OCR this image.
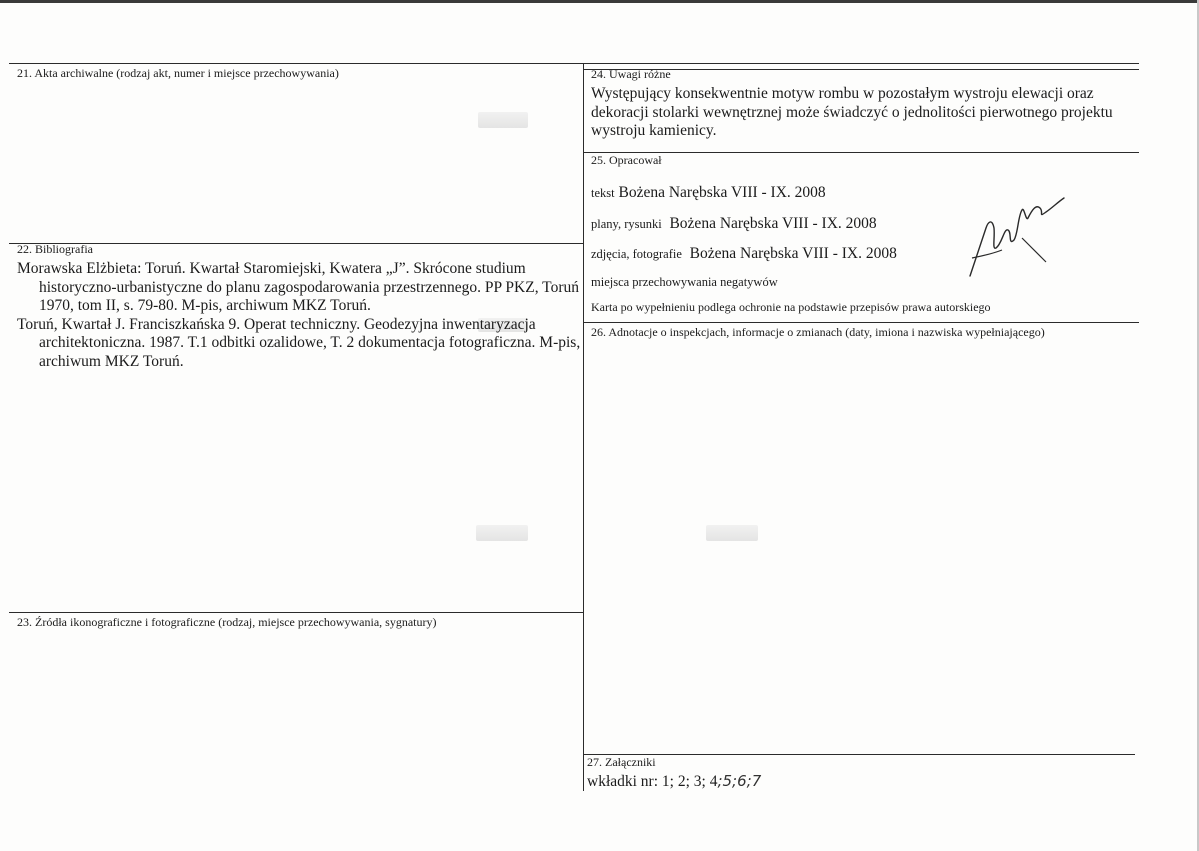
21. Akta archiwalne (rodzaj akt, numer i miejsce przechowywania)
22. Bibliografia

Morawska Elżbieta: Toruń. Kwartał Staromiejski, Kwatera „J”. Skrócone studium historyczno-urbanistyczne do planu zagospodarowania przestrzennego. PP PKZ, Toruń 1970, tom II, s. 79-80. M-pis, archiwum MKZ Toruń.

Toruń, Kwartał J. Franciszkańska 9. Operat techniczny. Geodezyjna inwentaryzacja architektoniczna. 1987. T.1 odbitki ozalidowe, T. 2 dokumentacja fotograficzna. M-pis, archiwum MKZ Toruń.

23. Źródła ikonograficzne i fotograficzne (rodzaj, miejsce przechowywania, sygnatury)
24. Uwagi różne
Występujący konsekwentnie motyw rombu w pozostałym wystroju elewacji oraz dekoracji stolarki wewnętrznej może świadczyć o jednolitości pierwotnego projektu wystroju kamienicy.
25. Opracował
tekst Bożena Narębska VIII - IX. 2008
plany, rysunki Bożena Narębska VIII - IX. 2008
zdjęcia, fotografie Bożena Narębska VIII - IX. 2008
miejsca przechowywania negatywów
Karta po wypełnieniu podlega ochronie na podstawie przepisów prawa autorskiego
26. Adnotacje o inspekcjach, informacje o zmianach (daty, imiona i nazwiska wypełniającego)
27. Załączniki
wkładki nr: 1; 2; 3; 4;5;6;7
